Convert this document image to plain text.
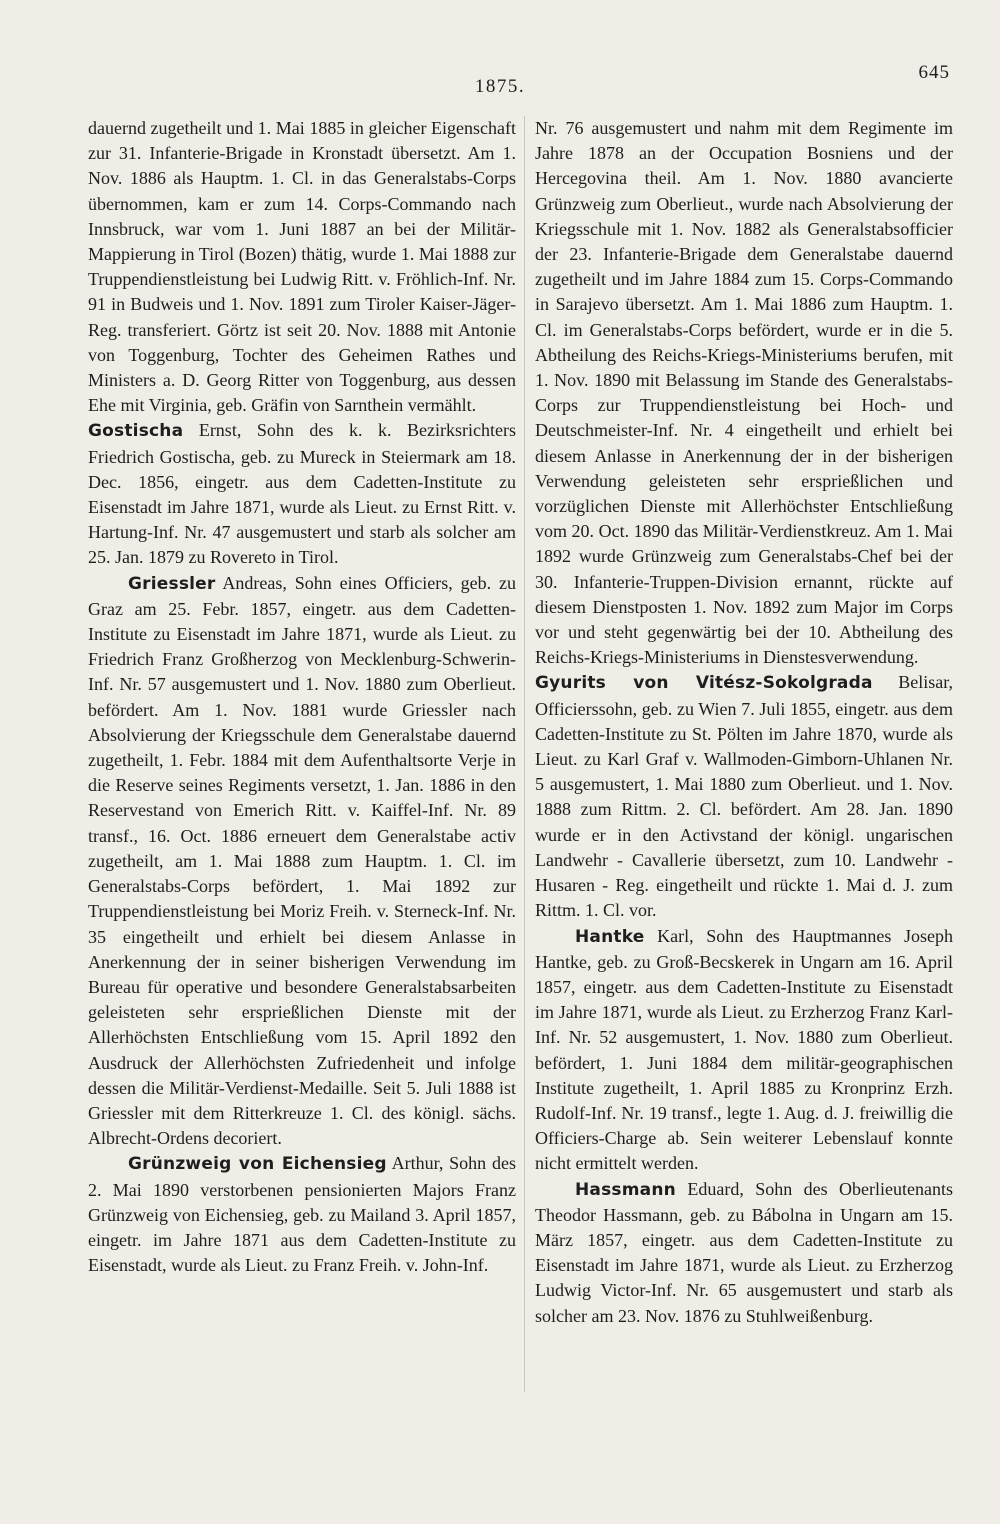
1875.
645

dauernd zugetheilt und 1. Mai 1885 in gleicher Eigenschaft zur 31. Infanterie-Brigade in Kronstadt übersetzt. Am 1. Nov. 1886 als Hauptm. 1. Cl. in das Generalstabs-Corps übernommen, kam er zum 14. Corps-Commando nach Innsbruck, war vom 1. Juni 1887 an bei der Militär-Mappierung in Tirol (Bozen) thätig, wurde 1. Mai 1888 zur Truppendienstleistung bei Ludwig Ritt. v. Fröhlich-Inf. Nr. 91 in Budweis und 1. Nov. 1891 zum Tiroler Kaiser-Jäger-Reg. transferiert. Görtz ist seit 20. Nov. 1888 mit Antonie von Toggenburg, Tochter des Geheimen Rathes und Ministers a. D. Georg Ritter von Toggenburg, aus dessen Ehe mit Virginia, geb. Gräfin von Sarnthein vermählt.

Gostischa Ernst, Sohn des k. k. Bezirksrichters Friedrich Gostischa, geb. zu Mureck in Steiermark am 18. Dec. 1856, eingetr. aus dem Cadetten-Institute zu Eisenstadt im Jahre 1871, wurde als Lieut. zu Ernst Ritt. v. Hartung-Inf. Nr. 47 ausgemustert und starb als solcher am 25. Jan. 1879 zu Rovereto in Tirol.

Griessler Andreas, Sohn eines Officiers, geb. zu Graz am 25. Febr. 1857, eingetr. aus dem Cadetten-Institute zu Eisenstadt im Jahre 1871, wurde als Lieut. zu Friedrich Franz Großherzog von Mecklenburg-Schwerin-Inf. Nr. 57 ausgemustert und 1. Nov. 1880 zum Oberlieut. befördert. Am 1. Nov. 1881 wurde Griessler nach Absolvierung der Kriegsschule dem Generalstabe dauernd zugetheilt, 1. Febr. 1884 mit dem Aufenthaltsorte Verje in die Reserve seines Regiments versetzt, 1. Jan. 1886 in den Reservestand von Emerich Ritt. v. Kaiffel-Inf. Nr. 89 transf., 16. Oct. 1886 erneuert dem Generalstabe activ zugetheilt, am 1. Mai 1888 zum Hauptm. 1. Cl. im Generalstabs-Corps befördert, 1. Mai 1892 zur Truppendienstleistung bei Moriz Freih. v. Sterneck-Inf. Nr. 35 eingetheilt und erhielt bei diesem Anlasse in Anerkennung der in seiner bisherigen Verwendung im Bureau für operative und besondere Generalstabsarbeiten geleisteten sehr ersprießlichen Dienste mit der Allerhöchsten Entschließung vom 15. April 1892 den Ausdruck der Allerhöchsten Zufriedenheit und infolge dessen die Militär-Verdienst-Medaille. Seit 5. Juli 1888 ist Griessler mit dem Ritterkreuze 1. Cl. des königl. sächs. Albrecht-Ordens decoriert.

Grünzweig von Eichensieg Arthur, Sohn des 2. Mai 1890 verstorbenen pensionierten Majors Franz Grünzweig von Eichensieg, geb. zu Mailand 3. April 1857, eingetr. im Jahre 1871 aus dem Cadetten-Institute zu Eisenstadt, wurde als Lieut. zu Franz Freih. v. John-Inf.

Nr. 76 ausgemustert und nahm mit dem Regimente im Jahre 1878 an der Occupation Bosniens und der Hercegovina theil. Am 1. Nov. 1880 avancierte Grünzweig zum Oberlieut., wurde nach Absolvierung der Kriegsschule mit 1. Nov. 1882 als Generalstabsofficier der 23. Infanterie-Brigade dem Generalstabe dauernd zugetheilt und im Jahre 1884 zum 15. Corps-Commando in Sarajevo übersetzt. Am 1. Mai 1886 zum Hauptm. 1. Cl. im Generalstabs-Corps befördert, wurde er in die 5. Abtheilung des Reichs-Kriegs-Ministeriums berufen, mit 1. Nov. 1890 mit Belassung im Stande des Generalstabs-Corps zur Truppendienstleistung bei Hoch- und Deutschmeister-Inf. Nr. 4 eingetheilt und erhielt bei diesem Anlasse in Anerkennung der in der bisherigen Verwendung geleisteten sehr ersprießlichen und vorzüglichen Dienste mit Allerhöchster Entschließung vom 20. Oct. 1890 das Militär-Verdienstkreuz. Am 1. Mai 1892 wurde Grünzweig zum Generalstabs-Chef bei der 30. Infanterie-Truppen-Division ernannt, rückte auf diesem Dienstposten 1. Nov. 1892 zum Major im Corps vor und steht gegenwärtig bei der 10. Abtheilung des Reichs-Kriegs-Ministeriums in Dienstesverwendung.

Gyurits von Vitész-Sokolgrada Belisar, Officierssohn, geb. zu Wien 7. Juli 1855, eingetr. aus dem Cadetten-Institute zu St. Pölten im Jahre 1870, wurde als Lieut. zu Karl Graf v. Wallmoden-Gimborn-Uhlanen Nr. 5 ausgemustert, 1. Mai 1880 zum Oberlieut. und 1. Nov. 1888 zum Rittm. 2. Cl. befördert. Am 28. Jan. 1890 wurde er in den Activstand der königl. ungarischen Landwehr - Cavallerie übersetzt, zum 10. Landwehr - Husaren - Reg. eingetheilt und rückte 1. Mai d. J. zum Rittm. 1. Cl. vor.

Hantke Karl, Sohn des Hauptmannes Joseph Hantke, geb. zu Groß-Becskerek in Ungarn am 16. April 1857, eingetr. aus dem Cadetten-Institute zu Eisenstadt im Jahre 1871, wurde als Lieut. zu Erzherzog Franz Karl-Inf. Nr. 52 ausgemustert, 1. Nov. 1880 zum Oberlieut. befördert, 1. Juni 1884 dem militär-geographischen Institute zugetheilt, 1. April 1885 zu Kronprinz Erzh. Rudolf-Inf. Nr. 19 transf., legte 1. Aug. d. J. freiwillig die Officiers-Charge ab. Sein weiterer Lebenslauf konnte nicht ermittelt werden.

Hassmann Eduard, Sohn des Oberlieutenants Theodor Hassmann, geb. zu Bábolna in Ungarn am 15. März 1857, eingetr. aus dem Cadetten-Institute zu Eisenstadt im Jahre 1871, wurde als Lieut. zu Erzherzog Ludwig Victor-Inf. Nr. 65 ausgemustert und starb als solcher am 23. Nov. 1876 zu Stuhlweißenburg.
